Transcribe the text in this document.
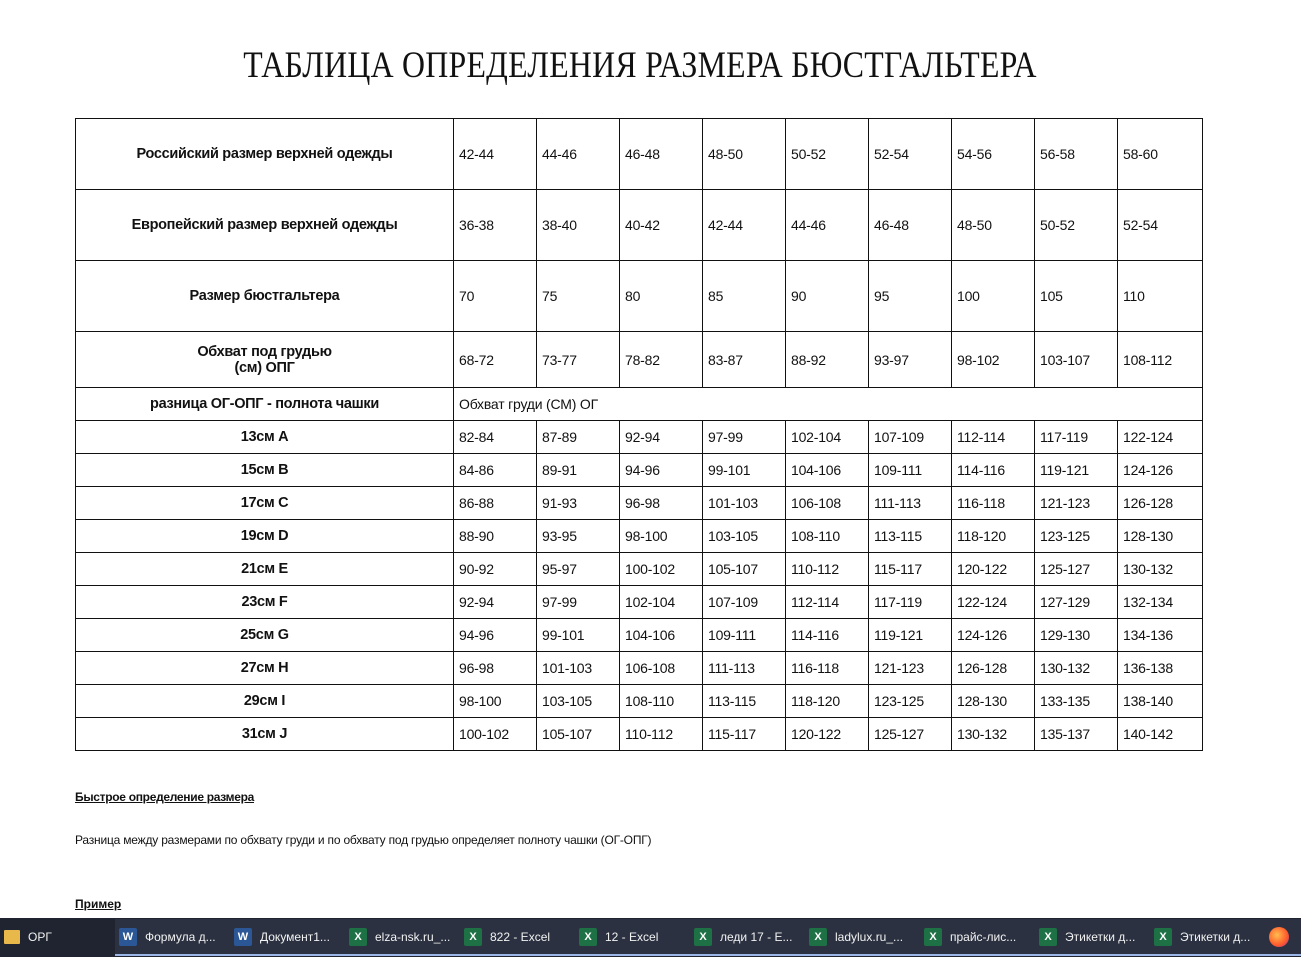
ТАБЛИЦА ОПРЕДЕЛЕНИЯ РАЗМЕРА БЮСТГАЛЬТЕРА
Российский размер верхней одежды	42-44	44-46	46-48	48-50	50-52	52-54	54-56	56-58	58-60
Европейский размер верхней одежды	36-38	38-40	40-42	42-44	44-46	46-48	48-50	50-52	52-54
Размер бюстгальтера	70	75	80	85	90	95	100	105	110
Обхват под грудью
(см) ОПГ	68-72	73-77	78-82	83-87	88-92	93-97	98-102	103-107	108-112
разница ОГ-ОПГ - полнота чашки	Обхват груди (СМ) ОГ								
13см А	82-84	87-89	92-94	97-99	102-104	107-109	112-114	117-119	122-124
15см В	84-86	89-91	94-96	99-101	104-106	109-111	114-116	119-121	124-126
17см С	86-88	91-93	96-98	101-103	106-108	111-113	116-118	121-123	126-128
19см D	88-90	93-95	98-100	103-105	108-110	113-115	118-120	123-125	128-130
21см Е	90-92	95-97	100-102	105-107	110-112	115-117	120-122	125-127	130-132
23см F	92-94	97-99	102-104	107-109	112-114	117-119	122-124	127-129	132-134
25см G	94-96	99-101	104-106	109-111	114-116	119-121	124-126	129-130	134-136
27см Н	96-98	101-103	106-108	111-113	116-118	121-123	126-128	130-132	136-138
29см I	98-100	103-105	108-110	113-115	118-120	123-125	128-130	133-135	138-140
31см J	100-102	105-107	110-112	115-117	120-122	125-127	130-132	135-137	140-142
Быстрое определение размера
Разница между размерами по обхвату груди и по обхвату под грудью определяет полноту чашки (ОГ-ОПГ)
Пример
ОРГ	W Формула д...	W Документ1...	X	elza-nsk.ru_...	X	822 - Excel	X	12 - Excel	X	леди 17 - E...	X	ladylux.ru_...	X	прайс-лис...	X	Этикетки д...	X	Этикетки д...
